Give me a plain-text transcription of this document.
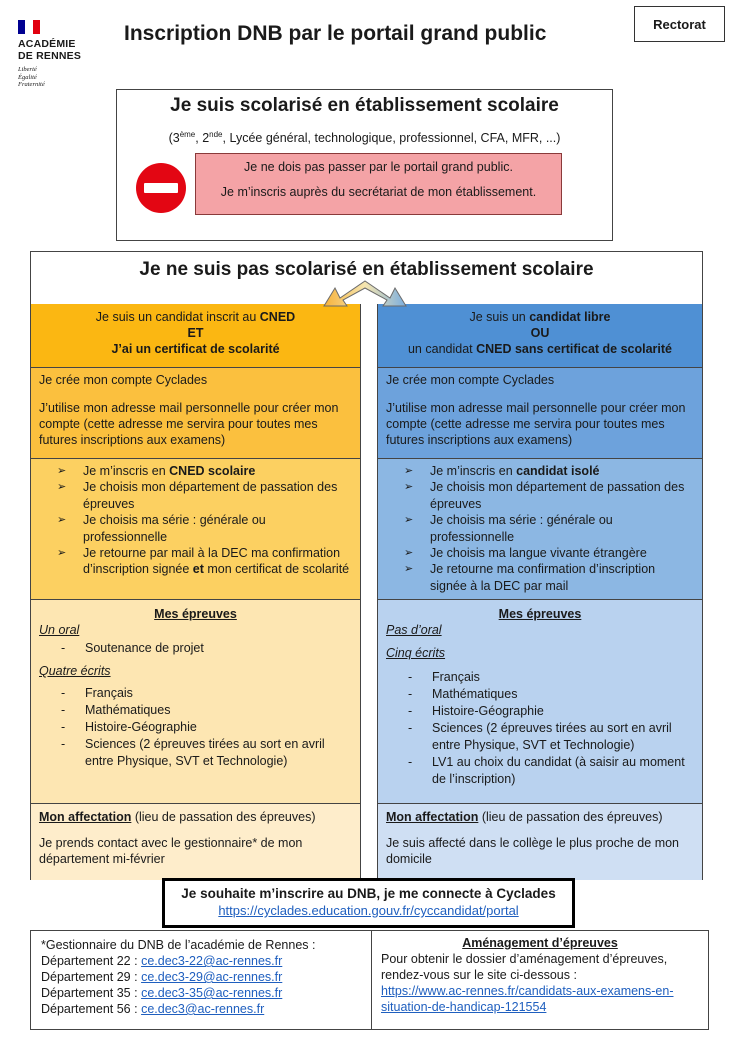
ACADÉMIE
DE RENNES
Liberté
Égalité
Fraternité
Inscription DNB par le portail grand public	Rectorat
Je suis scolarisé en établissement scolaire
(3ème, 2nde, Lycée général, technologique, professionnel, CFA, MFR, ...)

Je ne dois pas passer par le portail grand public.

Je m’inscris auprès du secrétariat de mon établissement.

Je ne suis pas scolarisé en établissement scolaire
Je suis un candidat inscrit au CNED
ET
J’ai un certificat de scolarité

Je crée mon compte Cyclades

J’utilise mon adresse mail personnelle pour créer mon compte (cette adresse me servira pour toutes mes futures inscriptions aux examens)

➢ Je m’inscris en CNED scolaire
➢ Je choisis mon département de passation des épreuves
➢ Je choisis ma série : générale ou professionnelle
➢ Je retourne par mail à la DEC ma confirmation d’inscription signée et mon certificat de scolarité
Mes épreuves
Un oral
- Soutenance de projet
Quatre écrits
- Français
- Mathématiques
- Histoire-Géographie
- Sciences (2 épreuves tirées au sort en avril entre Physique, SVT et Technologie)
Mon affectation (lieu de passation des épreuves)
Je prends contact avec le gestionnaire* de mon département mi-février
Je suis un candidat libre
OU
un candidat CNED sans certificat de scolarité

Je crée mon compte Cyclades

J’utilise mon adresse mail personnelle pour créer mon compte (cette adresse me servira pour toutes mes futures inscriptions aux examens)

➢ Je m’inscris en candidat isolé
➢ Je choisis mon département de passation des épreuves
➢ Je choisis ma série : générale ou professionnelle
➢ Je choisis ma langue vivante étrangère
➢ Je retourne ma confirmation d’inscription signée à la DEC par mail
Mes épreuves
Pas d’oral
Cinq écrits
- Français
- Mathématiques
- Histoire-Géographie
- Sciences (2 épreuves tirées au sort en avril entre Physique, SVT et Technologie)
- LV1 au choix du candidat (à saisir au moment de l’inscription)
Mon affectation (lieu de passation des épreuves)
Je suis affecté dans le collège le plus proche de mon domicile
Je souhaite m’inscrire au DNB, je me connecte à Cyclades
https://cyclades.education.gouv.fr/cyccandidat/portal
*Gestionnaire du DNB de l’académie de Rennes :
Département 22 : ce.dec3-22@ac-rennes.fr
Département 29 : ce.dec3-29@ac-rennes.fr
Département 35 : ce.dec3-35@ac-rennes.fr
Département 56 : ce.dec3@ac-rennes.fr
Aménagement d’épreuves
Pour obtenir le dossier d’aménagement d’épreuves, rendez-vous sur le site ci-dessous :
https://www.ac-rennes.fr/candidats-aux-examens-en-situation-de-handicap-121554
